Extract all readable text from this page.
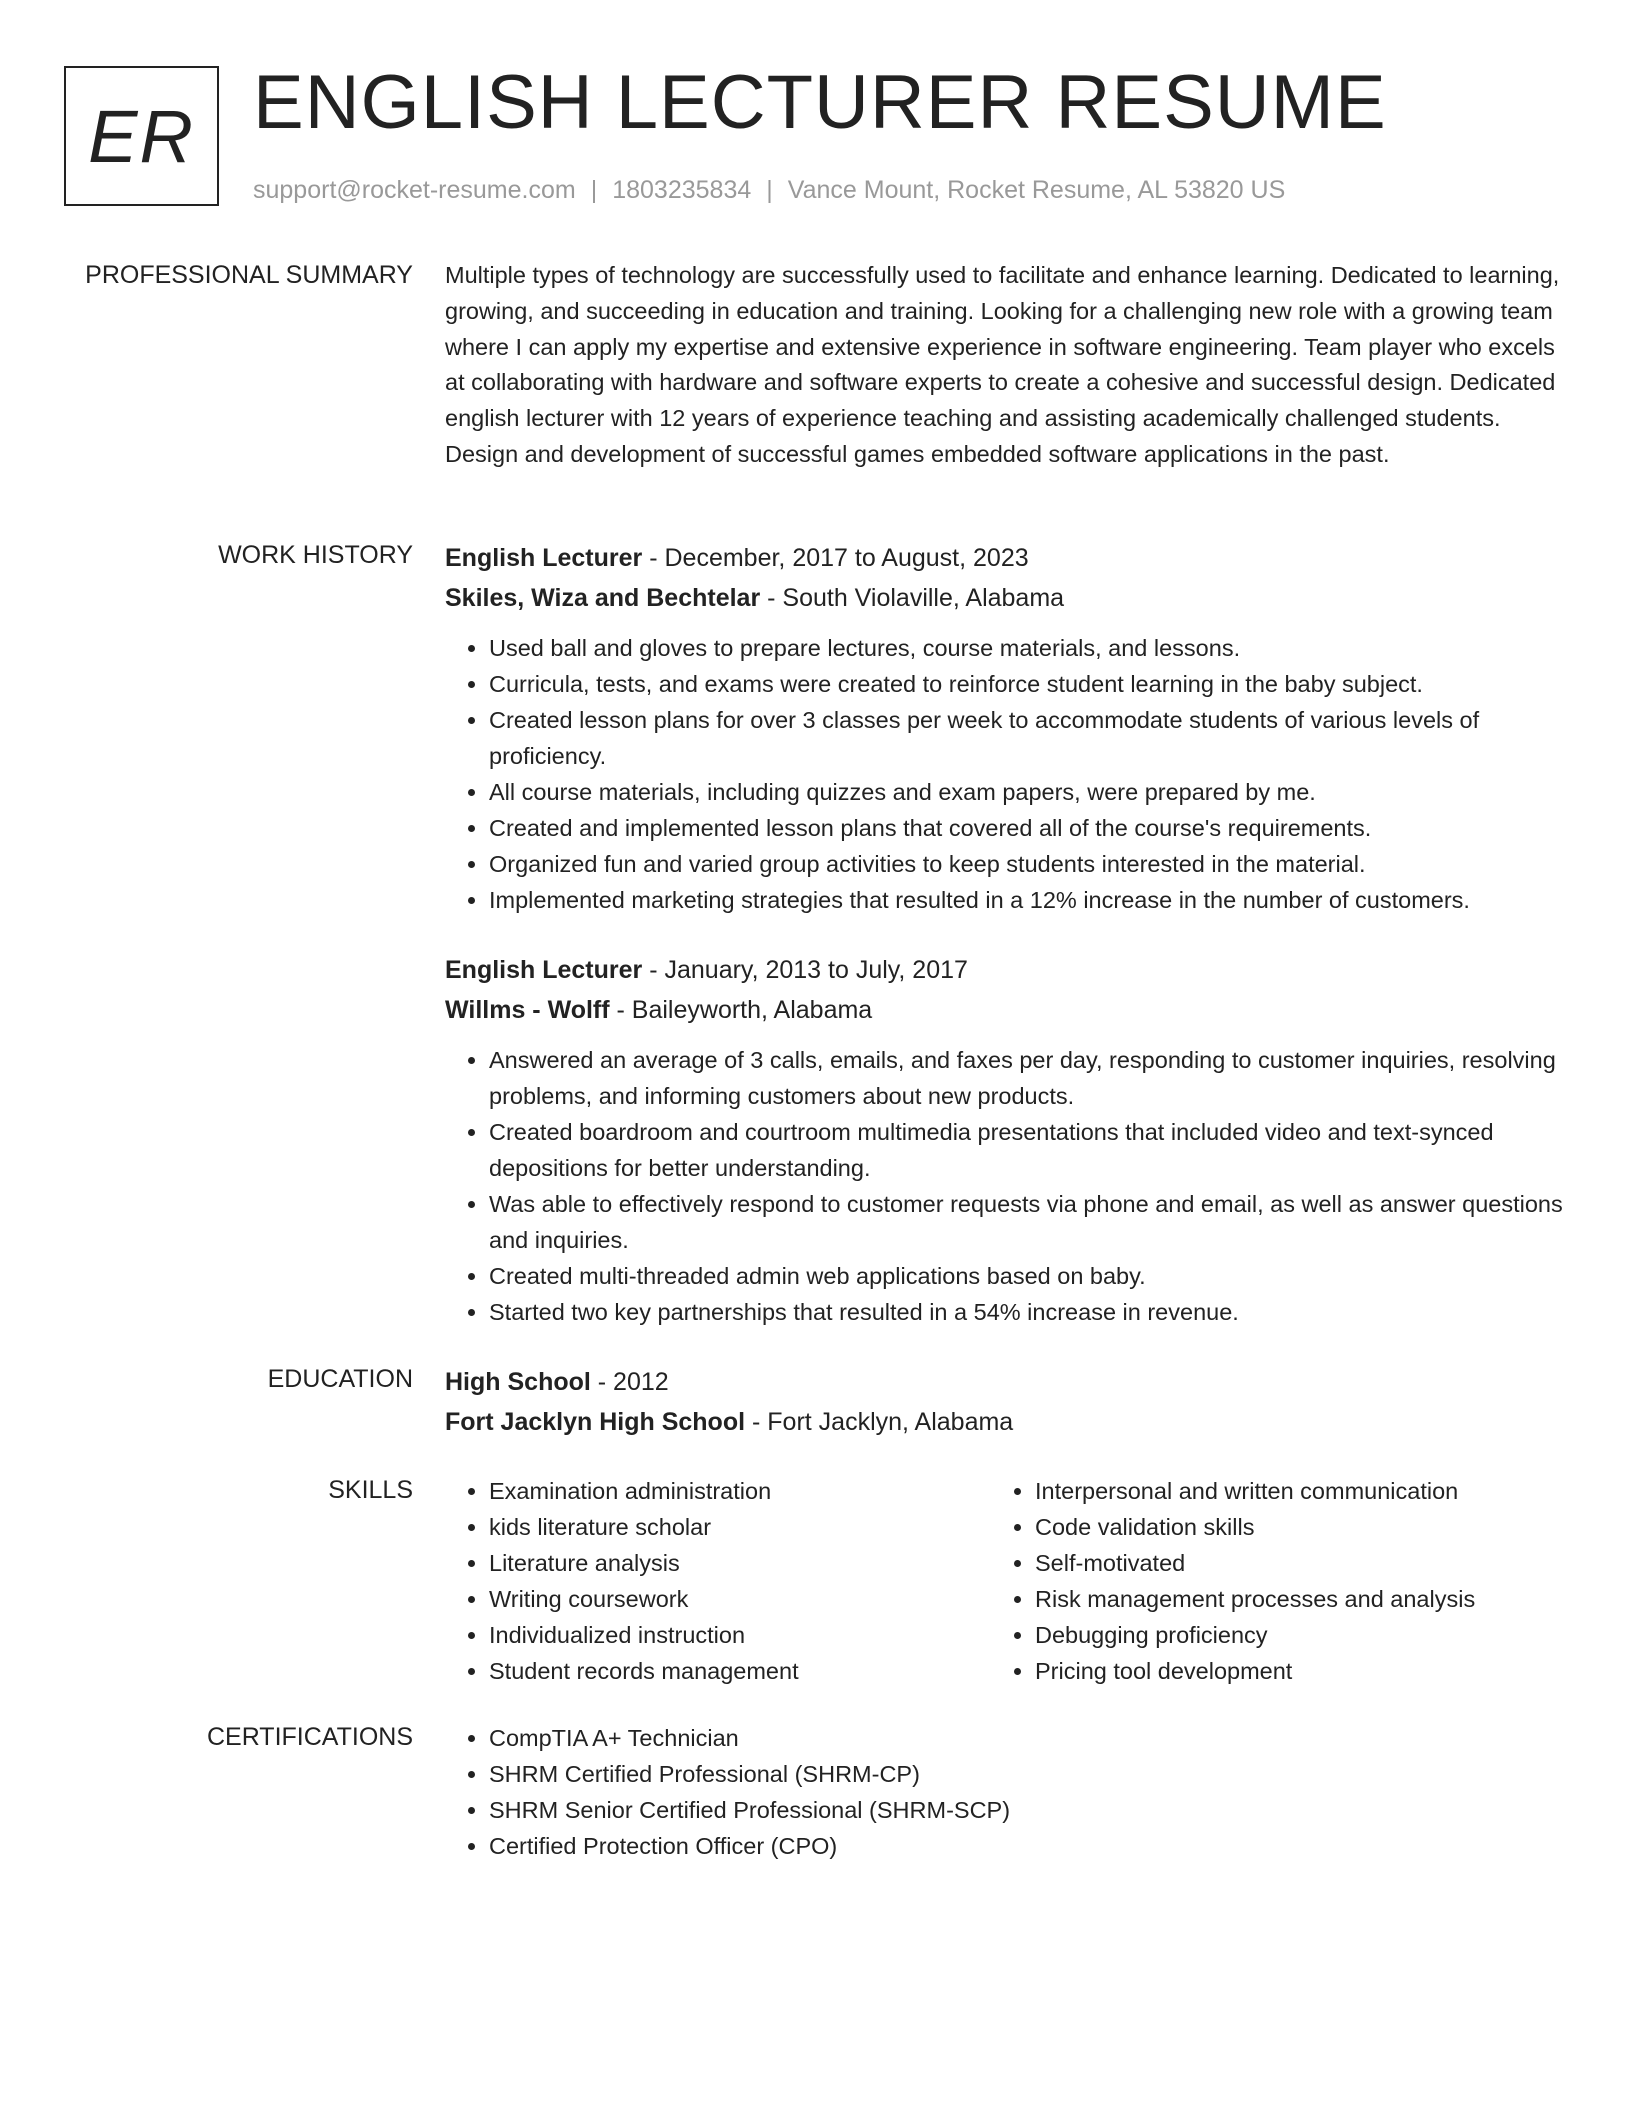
ER ENGLISH LECTURER RESUME
support@rocket-resume.com | 1803235834 | Vance Mount, Rocket Resume, AL 53820 US
PROFESSIONAL SUMMARY Multiple types of technology are successfully used to facilitate and enhance learning. Dedicated to learning, growing, and succeeding in education and training. Looking for a challenging new role with a growing team where I can apply my expertise and extensive experience in software engineering. Team player who excels at collaborating with hardware and software experts to create a cohesive and successful design. Dedicated english lecturer with 12 years of experience teaching and assisting academically challenged students. Design and development of successful games embedded software applications in the past.

WORK HISTORY English Lecturer - December, 2017 to August, 2023
Skiles, Wiza and Bechtelar - South Violaville, Alabama
• Used ball and gloves to prepare lectures, course materials, and lessons.
• Curricula, tests, and exams were created to reinforce student learning in the baby subject.
• Created lesson plans for over 3 classes per week to accommodate students of various levels of proficiency.
• All course materials, including quizzes and exam papers, were prepared by me.
• Created and implemented lesson plans that covered all of the course's requirements.
• Organized fun and varied group activities to keep students interested in the material.
• Implemented marketing strategies that resulted in a 12% increase in the number of customers.
English Lecturer - January, 2013 to July, 2017
Willms - Wolff - Baileyworth, Alabama
• Answered an average of 3 calls, emails, and faxes per day, responding to customer inquiries, resolving problems, and informing customers about new products.
• Created boardroom and courtroom multimedia presentations that included video and text-synced depositions for better understanding.
• Was able to effectively respond to customer requests via phone and email, as well as answer questions and inquiries.
• Created multi-threaded admin web applications based on baby.
• Started two key partnerships that resulted in a 54% increase in revenue.
EDUCATION High School - 2012
Fort Jacklyn High School - Fort Jacklyn, Alabama
SKILLS	• Examination administration
• kids literature scholar
• Literature analysis
• Writing coursework
• Individualized instruction
• Student records management
• Interpersonal and written communication
• Code validation skills
• Self-motivated
• Risk management processes and analysis
• Debugging proficiency
• Pricing tool development
CERTIFICATIONS	• CompTIA A+ Technician
• SHRM Certified Professional (SHRM-CP)
• SHRM Senior Certified Professional (SHRM-SCP)
• Certified Protection Officer (CPO)
